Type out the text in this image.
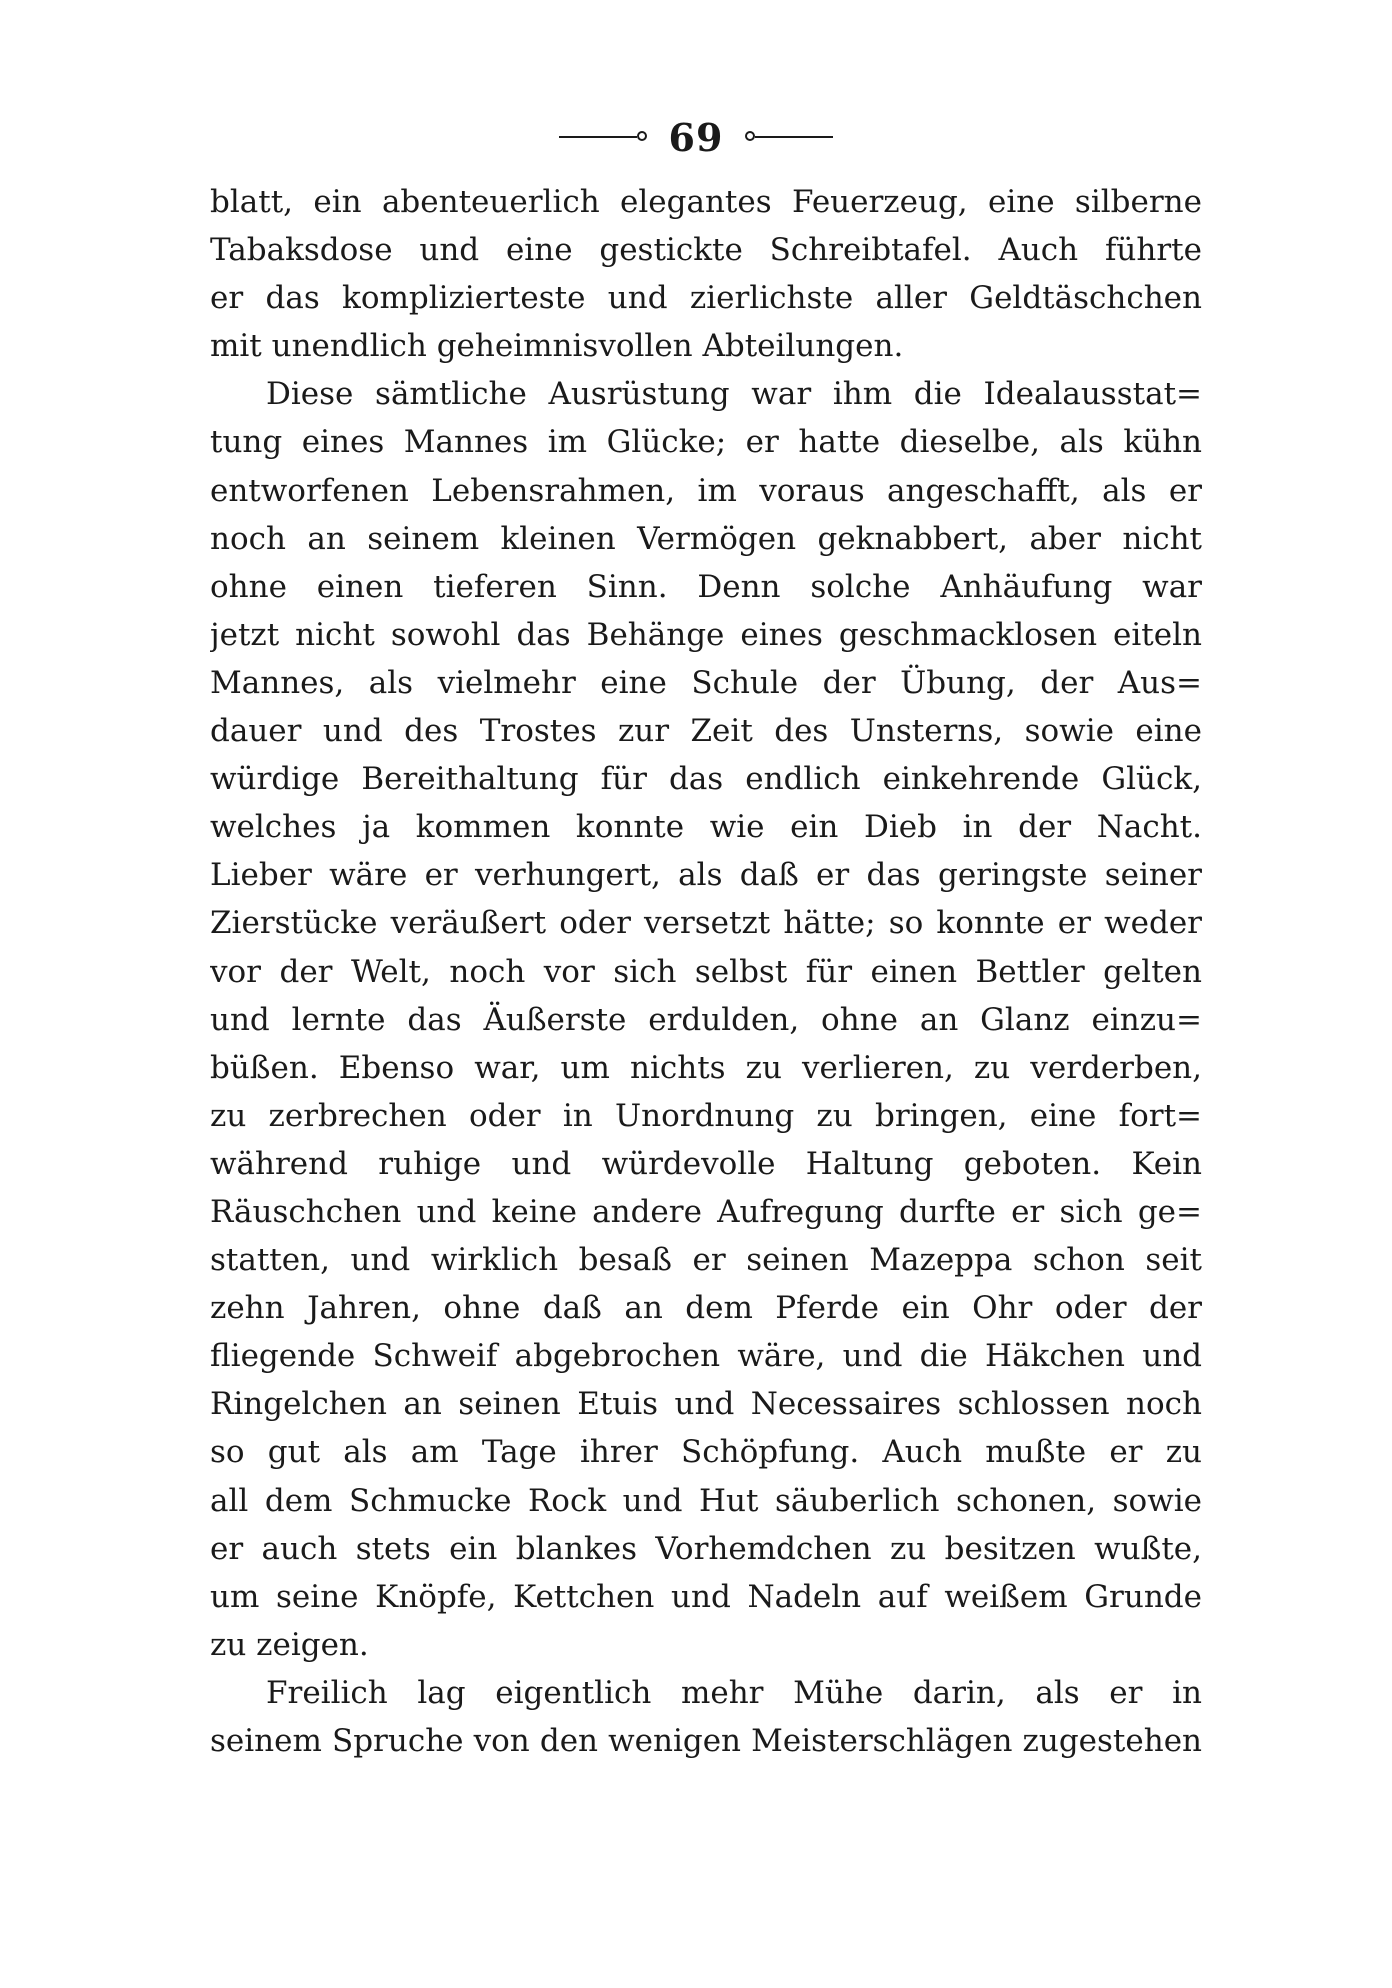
69
blatt, ein abenteuerlich elegantes Feuerzeug, eine silberne
Tabaksdose und eine gestickte Schreibtafel. Auch führte
er das komplizierteste und zierlichste aller Geldtäschchen
mit unendlich geheimnisvollen Abteilungen.
Diese sämtliche Ausrüstung war ihm die Idealausstat=
tung eines Mannes im Glücke; er hatte dieselbe, als kühn
entworfenen Lebensrahmen, im voraus angeschafft, als er
noch an seinem kleinen Vermögen geknabbert, aber nicht
ohne einen tieferen Sinn. Denn solche Anhäufung war
jetzt nicht sowohl das Behänge eines geschmacklosen eiteln
Mannes, als vielmehr eine Schule der Übung, der Aus=
dauer und des Trostes zur Zeit des Unsterns, sowie eine
würdige Bereithaltung für das endlich einkehrende Glück,
welches ja kommen konnte wie ein Dieb in der Nacht.
Lieber wäre er verhungert, als daß er das geringste seiner
Zierstücke veräußert oder versetzt hätte; so konnte er weder
vor der Welt, noch vor sich selbst für einen Bettler gelten
und lernte das Äußerste erdulden, ohne an Glanz einzu=
büßen. Ebenso war, um nichts zu verlieren, zu verderben,
zu zerbrechen oder in Unordnung zu bringen, eine fort=
während ruhige und würdevolle Haltung geboten. Kein
Räuschchen und keine andere Aufregung durfte er sich ge=
statten, und wirklich besaß er seinen Mazeppa schon seit
zehn Jahren, ohne daß an dem Pferde ein Ohr oder der
fliegende Schweif abgebrochen wäre, und die Häkchen und
Ringelchen an seinen Etuis und Necessaires schlossen noch
so gut als am Tage ihrer Schöpfung. Auch mußte er zu
all dem Schmucke Rock und Hut säuberlich schonen, sowie
er auch stets ein blankes Vorhemdchen zu besitzen wußte,
um seine Knöpfe, Kettchen und Nadeln auf weißem Grunde
zu zeigen.
Freilich lag eigentlich mehr Mühe darin, als er in
seinem Spruche von den wenigen Meisterschlägen zugestehen
